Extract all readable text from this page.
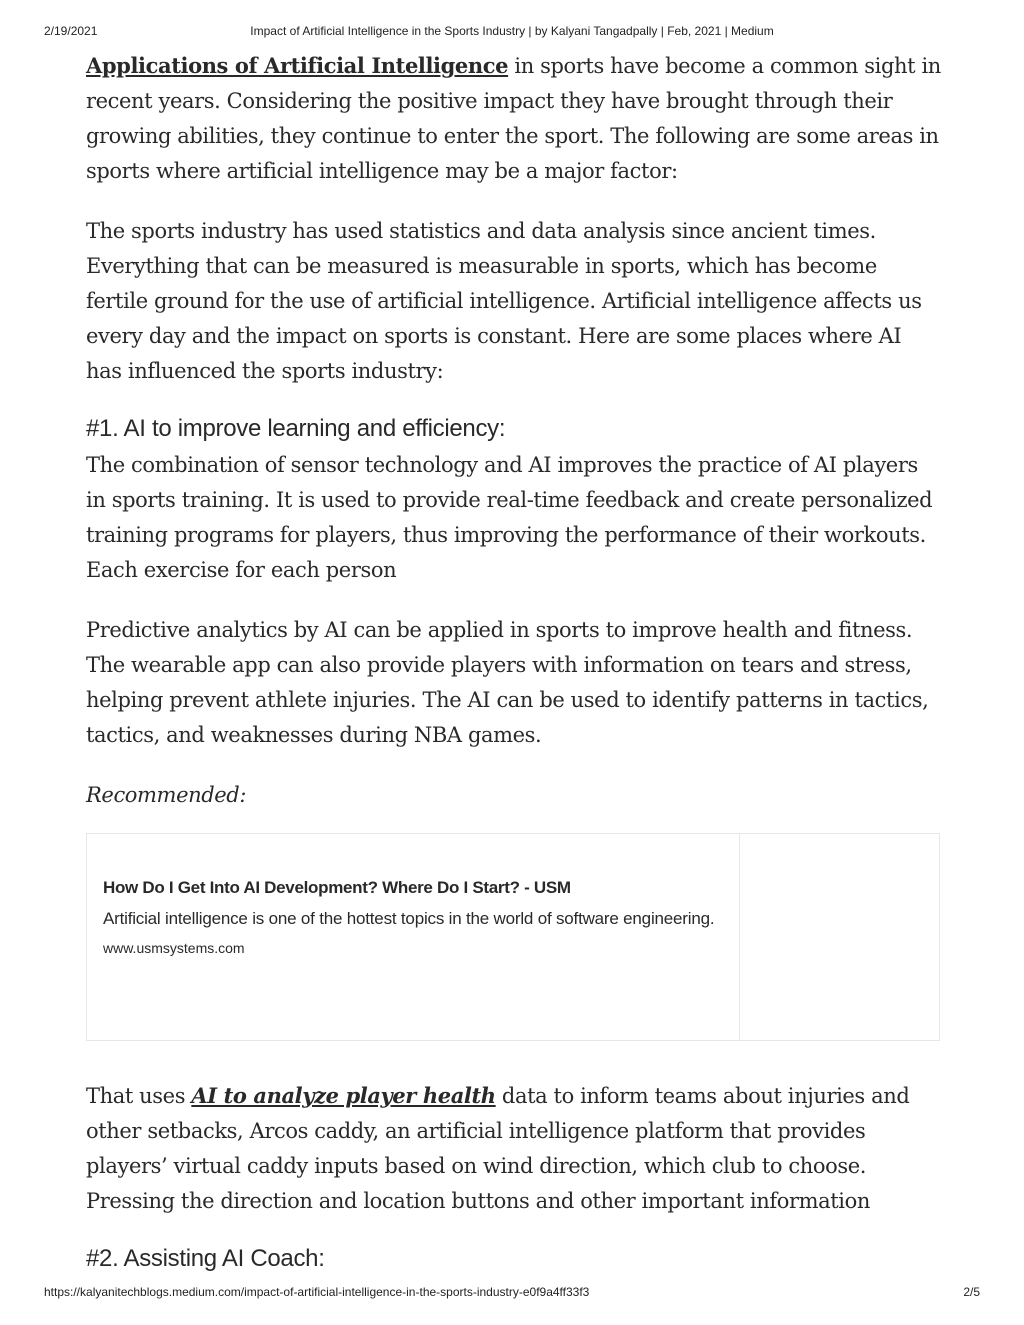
2/19/2021	Impact of Artificial Intelligence in the Sports Industry | by Kalyani Tangadpally | Feb, 2021 | Medium

Applications of Artificial Intelligence in sports have become a common sight in recent years. Considering the positive impact they have brought through their growing abilities, they continue to enter the sport. The following are some areas in sports where artificial intelligence may be a major factor:

The sports industry has used statistics and data analysis since ancient times. Everything that can be measured is measurable in sports, which has become fertile ground for the use of artificial intelligence. Artificial intelligence affects us every day and the impact on sports is constant. Here are some places where AI has influenced the sports industry:

#1. AI to improve learning and efficiency:

The combination of sensor technology and AI improves the practice of AI players in sports training. It is used to provide real-time feedback and create personalized training programs for players, thus improving the performance of their workouts. Each exercise for each person

Predictive analytics by AI can be applied in sports to improve health and fitness. The wearable app can also provide players with information on tears and stress, helping prevent athlete injuries. The AI can be used to identify patterns in tactics, tactics, and weaknesses during NBA games.

Recommended:

How Do I Get Into AI Development? Where Do I Start? - USM
Artificial intelligence is one of the hottest topics in the world of software engineering.
www.usmsystems.com

That uses AI to analyze player health data to inform teams about injuries and other setbacks, Arcos caddy, an artificial intelligence platform that provides players’ virtual caddy inputs based on wind direction, which club to choose. Pressing the direction and location buttons and other important information

#2. Assisting AI Coach:
https://kalyanitechblogs.medium.com/impact-of-artificial-intelligence-in-the-sports-industry-e0f9a4ff33f3	2/5
